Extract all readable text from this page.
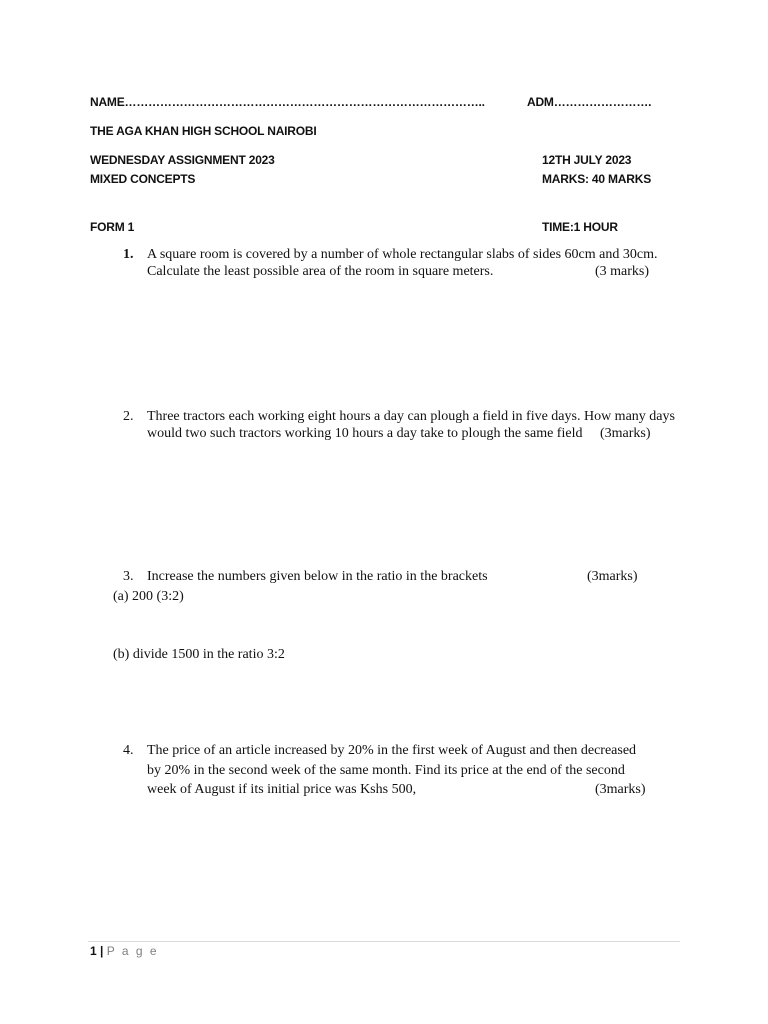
NAME………………………………………………………………………………..	ADM…………………….
THE AGA KHAN HIGH SCHOOL NAIROBI
WEDNESDAY ASSIGNMENT 2023	12TH JULY 2023
MIXED CONCEPTS	MARKS: 40 MARKS
FORM 1	TIME:1 HOUR
1. A square room is covered by a number of whole rectangular slabs of sides 60cm and 30cm.
Calculate the least possible area of the room in square meters.	(3 marks)
2. Three tractors each working eight hours a day can plough a field in five days. How many days
would two such tractors working 10 hours a day take to plough the same field (3marks)
3. Increase the numbers given below in the ratio in the brackets	(3marks)
(a) 200 (3:2)
(b) divide 1500 in the ratio 3:2
4. The price of an article increased by 20% in the first week of August and then decreased
by 20% in the second week of the same month. Find its price at the end of the second
week of August if its initial price was Kshs 500,	(3marks)
1 | P a g e
